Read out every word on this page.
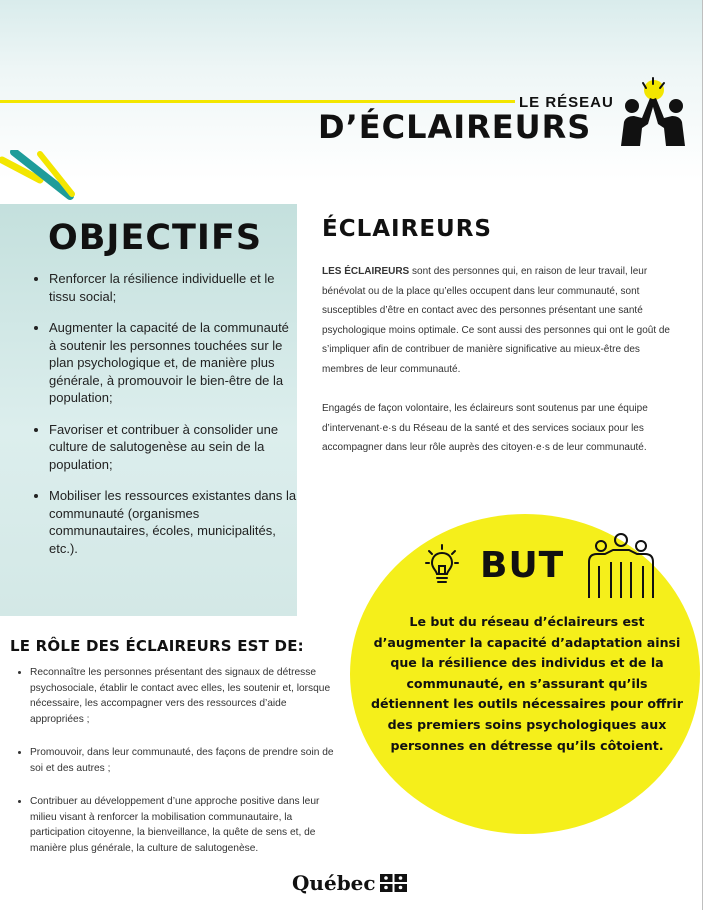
LE RÉSEAU
D’ÉCLAIREURS
OBJECTIFS
• Renforcer la résilience individuelle et le tissu social;
• Augmenter la capacité de la communauté à soutenir les personnes touchées sur le plan psychologique et, de manière plus générale, à promouvoir le bien-être de la population;
• Favoriser et contribuer à consolider une culture de salutogenèse au sein de la population;
• Mobiliser les ressources existantes dans la communauté (organismes communautaires, écoles, municipalités, etc.).
ÉCLAIREURS

LES ÉCLAIREURS sont des personnes qui, en raison de leur travail, leur bénévolat ou de la place qu’elles occupent dans leur communauté, sont susceptibles d’être en contact avec des personnes présentant une santé psychologique moins optimale. Ce sont aussi des personnes qui ont le goût de s’impliquer afin de contribuer de manière significative au mieux-être des membres de leur communauté.

Engagés de façon volontaire, les éclaireurs sont soutenus par une équipe d’intervenant·e·s du Réseau de la santé et des services sociaux pour les accompagner dans leur rôle auprès des citoyen·e·s de leur communauté.

LE RÔLE DES ÉCLAIREURS EST DE:
• Reconnaître les personnes présentant des signaux de détresse psychosociale, établir le contact avec elles, les soutenir et, lorsque nécessaire, les accompagner vers des ressources d’aide appropriées ;
• Promouvoir, dans leur communauté, des façons de prendre soin de soi et des autres ;
• Contribuer au développement d’une approche positive dans leur milieu visant à renforcer la mobilisation communautaire, la participation citoyenne, la bienveillance, la quête de sens et, de manière plus générale, la culture de salutogenèse.
BUT

Le but du réseau d’éclaireurs est d’augmenter la capacité d’adaptation ainsi que la résilience des individus et de la communauté, en s’assurant qu’ils détiennent les outils nécessaires pour offrir des premiers soins psychologiques aux personnes en détresse qu’ils côtoient.

Québec
